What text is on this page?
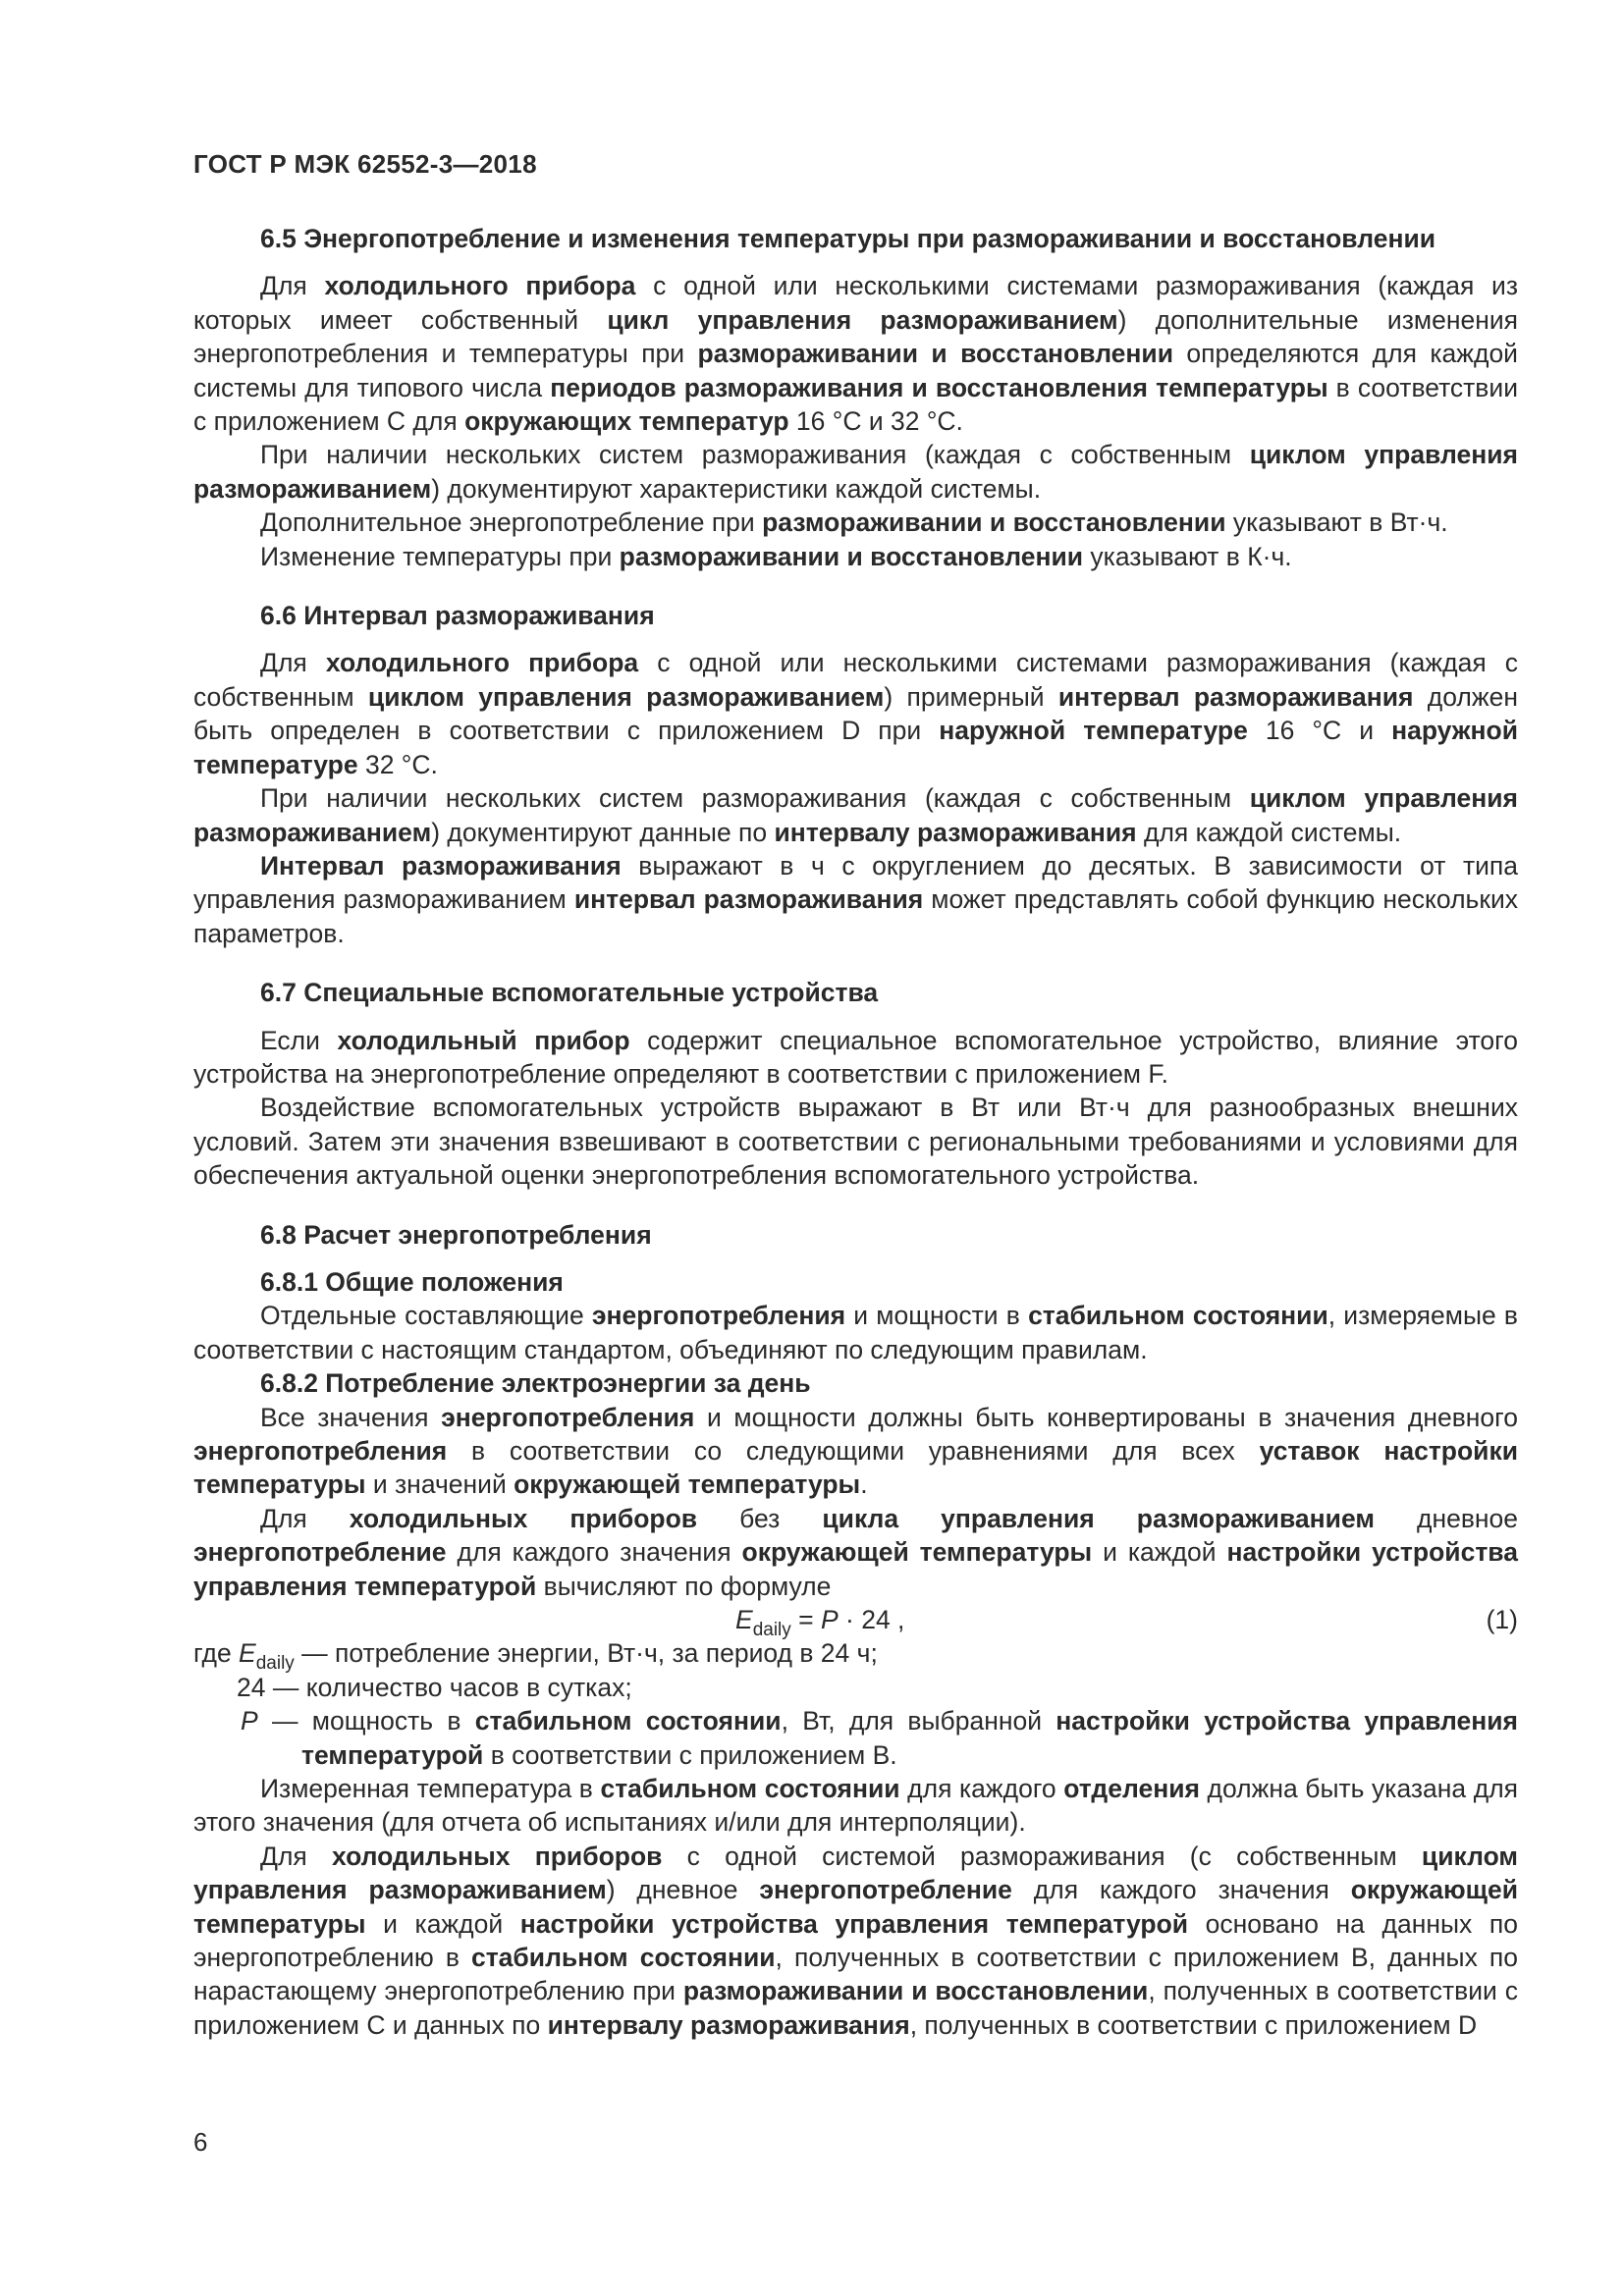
ГОСТ Р МЭК 62552-3—2018

6.5 Энергопотребление и изменения температуры при размораживании и восстановлении

Для холодильного прибора с одной или несколькими системами размораживания (каждая из которых имеет собственный цикл управления размораживанием) дополнительные изменения энергопотребления и температуры при размораживании и восстановлении определяются для каждой системы для типового числа периодов размораживания и восстановления температуры в соответствии с приложением С для окружающих температур 16 °С и 32 °С.

При наличии нескольких систем размораживания (каждая с собственным циклом управления размораживанием) документируют характеристики каждой системы.

Дополнительное энергопотребление при размораживании и восстановлении указывают в Вт·ч.

Изменение температуры при размораживании и восстановлении указывают в К·ч.

6.6 Интервал размораживания

Для холодильного прибора с одной или несколькими системами размораживания (каждая с собственным циклом управления размораживанием) примерный интервал размораживания должен быть определен в соответствии с приложением D при наружной температуре 16 °С и наружной температуре 32 °С.

При наличии нескольких систем размораживания (каждая с собственным циклом управления размораживанием) документируют данные по интервалу размораживания для каждой системы.

Интервал размораживания выражают в ч с округлением до десятых. В зависимости от типа управления размораживанием интервал размораживания может представлять собой функцию нескольких параметров.

6.7 Специальные вспомогательные устройства

Если холодильный прибор содержит специальное вспомогательное устройство, влияние этого устройства на энергопотребление определяют в соответствии с приложением F.

Воздействие вспомогательных устройств выражают в Вт или Вт·ч для разнообразных внешних условий. Затем эти значения взвешивают в соответствии с региональными требованиями и условиями для обеспечения актуальной оценки энергопотребления вспомогательного устройства.

6.8 Расчет энергопотребления

6.8.1 Общие положения

Отдельные составляющие энергопотребления и мощности в стабильном состоянии, измеряемые в соответствии с настоящим стандартом, объединяют по следующим правилам.

6.8.2 Потребление электроэнергии за день

Все значения энергопотребления и мощности должны быть конвертированы в значения дневного энергопотребления в соответствии со следующими уравнениями для всех уставок настройки температуры и значений окружающей температуры.

Для холодильных приборов без цикла управления размораживанием дневное энергопотребление для каждого значения окружающей температуры и каждой настройки устройства управления температурой вычисляют по формуле

$E_{daily} = P \cdot 24$ ,	(1)

где $E_{daily}$ — потребление энергии, Вт·ч, за период в 24 ч;

24 — количество часов в сутках;

P — мощность в стабильном состоянии, Вт, для выбранной настройки устройства управления температурой в соответствии с приложением В.

Измеренная температура в стабильном состоянии для каждого отделения должна быть указана для этого значения (для отчета об испытаниях и/или для интерполяции).

Для холодильных приборов с одной системой размораживания (с собственным циклом управления размораживанием) дневное энергопотребление для каждого значения окружающей температуры и каждой настройки устройства управления температурой основано на данных по энергопотреблению в стабильном состоянии, полученных в соответствии с приложением В, данных по нарастающему энергопотреблению при размораживании и восстановлении, полученных в соответствии с приложением С и данных по интервалу размораживания, полученных в соответствии с приложением D

6
